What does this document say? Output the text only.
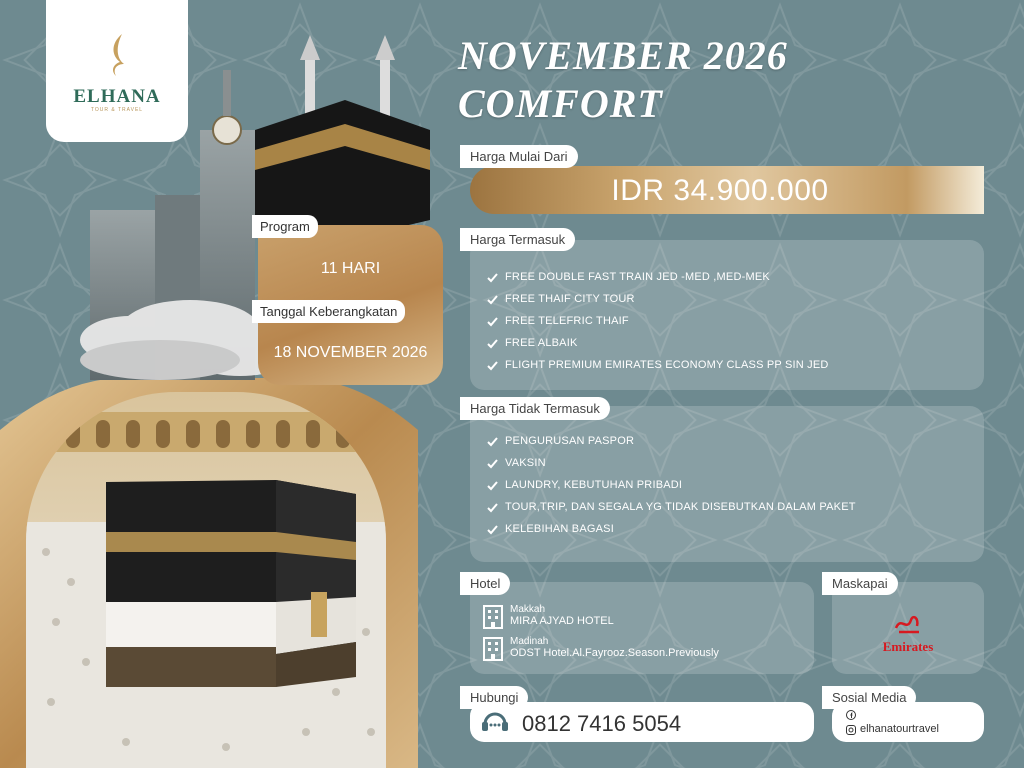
ELHANA
TOUR & TRAVEL
Program
11 HARI
Tanggal Keberangkatan
18 NOVEMBER 2026
NOVEMBER 2026
COMFORT
Harga Mulai Dari
IDR 34.900.000
Harga Termasuk
FREE DOUBLE FAST TRAIN JED -MED ,MED-MEK
FREE THAIF CITY TOUR
FREE TELEFRIC THAIF
FREE ALBAIK
FLIGHT PREMIUM EMIRATES ECONOMY CLASS PP SIN JED
Harga Tidak Termasuk
PENGURUSAN PASPOR
VAKSIN
LAUNDRY, KEBUTUHAN PRIBADI
TOUR,TRIP, DAN SEGALA YG TIDAK DISEBUTKAN DALAM PAKET
KELEBIHAN BAGASI
Hotel
Makkah
MIRA AJYAD HOTEL
Madinah
ODST Hotel.Al.Fayrooz.Season.Previously
Maskapai
Emirates
Hubungi
0812 7416 5054
Sosial Media
elhanatourtravel
